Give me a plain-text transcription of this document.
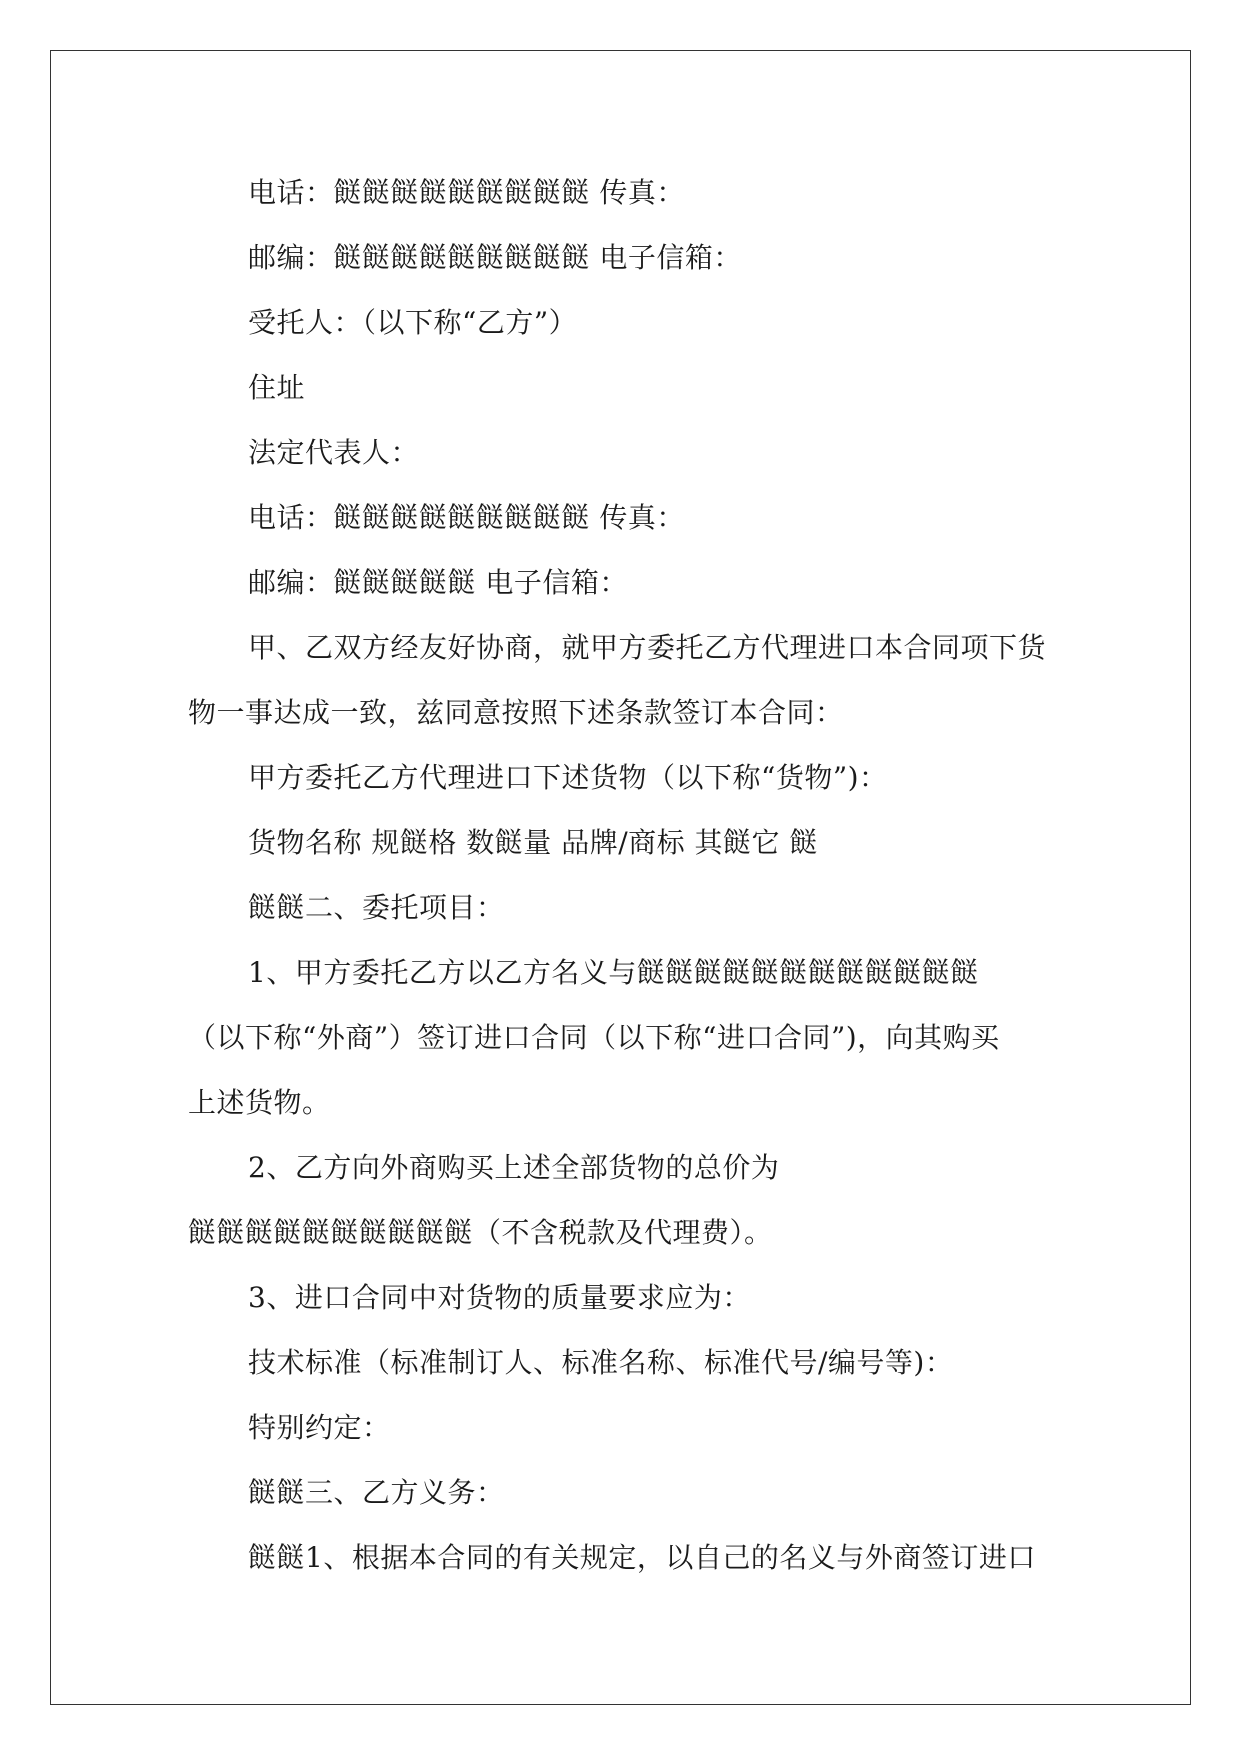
电话：餸餸餸餸餸餸餸餸餸 传真：
邮编：餸餸餸餸餸餸餸餸餸 电子信箱：
受托人：（以下称“乙方”）
住址
法定代表人：
电话：餸餸餸餸餸餸餸餸餸 传真：
邮编：餸餸餸餸餸 电子信箱：
甲、乙双方经友好协商，就甲方委托乙方代理进口本合同项下货
物一事达成一致，兹同意按照下述条款签订本合同：
甲方委托乙方代理进口下述货物（以下称“货物”)：
货物名称 规餸格 数餸量 品牌/商标 其餸它 餸
餸餸二、委托项目：
1、甲方委托乙方以乙方名义与餸餸餸餸餸餸餸餸餸餸餸餸
（以下称“外商”）签订进口合同（以下称“进口合同”)，向其购买
上述货物。
2、乙方向外商购买上述全部货物的总价为
餸餸餸餸餸餸餸餸餸餸（不含税款及代理费）。
3、进口合同中对货物的质量要求应为：
技术标准（标准制订人、标准名称、标准代号/编号等)：
特别约定：
餸餸三、乙方义务：
餸餸1、根据本合同的有关规定，以自己的名义与外商签订进口
